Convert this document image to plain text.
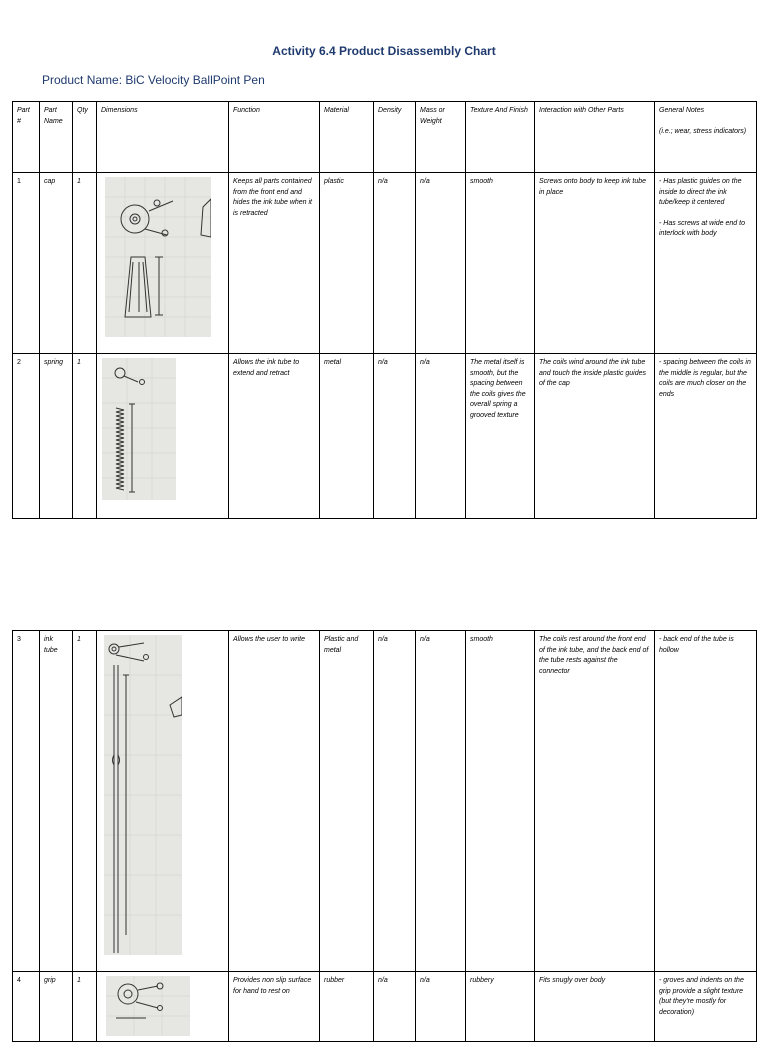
Activity 6.4 Product Disassembly Chart
Product Name: BiC Velocity BallPoint Pen
Part #	Part Name	Qty	Dimensions	Function	Material	Density	Mass or Weight	Texture And Finish	Interaction with Other Parts	General Notes
(i.e.; wear, stress indicators)

1	cap	1		Keeps all parts contained from the front end and hides the ink tube when it is retracted	plastic	n/a	n/a	smooth	Screws onto body to keep ink tube in place	- Has plastic guides on the inside to direct the ink tube/keep it centered
- Has screws at wide end to interlock with body

2	spring	1		Allows the ink tube to extend and retract	metal	n/a	n/a	The metal itself is smooth, but the spacing between the coils gives the overall spring a grooved texture	The coils wind around the ink tube and touch the inside plastic guides of the cap	- spacing between the coils in the middle is regular, but the coils are much closer on the ends
3	ink tube	1		Allows the user to write	Plastic and metal	n/a	n/a	smooth	The coils rest around the front end of the ink tube, and the back end of the tube rests against the connector	- back end of the tube is hollow

4	grip	1		Provides non slip surface for hand to rest on	rubber	n/a	n/a	rubbery	Fits snugly over body	- groves and indents on the grip provide a slight texture (but they're mostly for decoration)
